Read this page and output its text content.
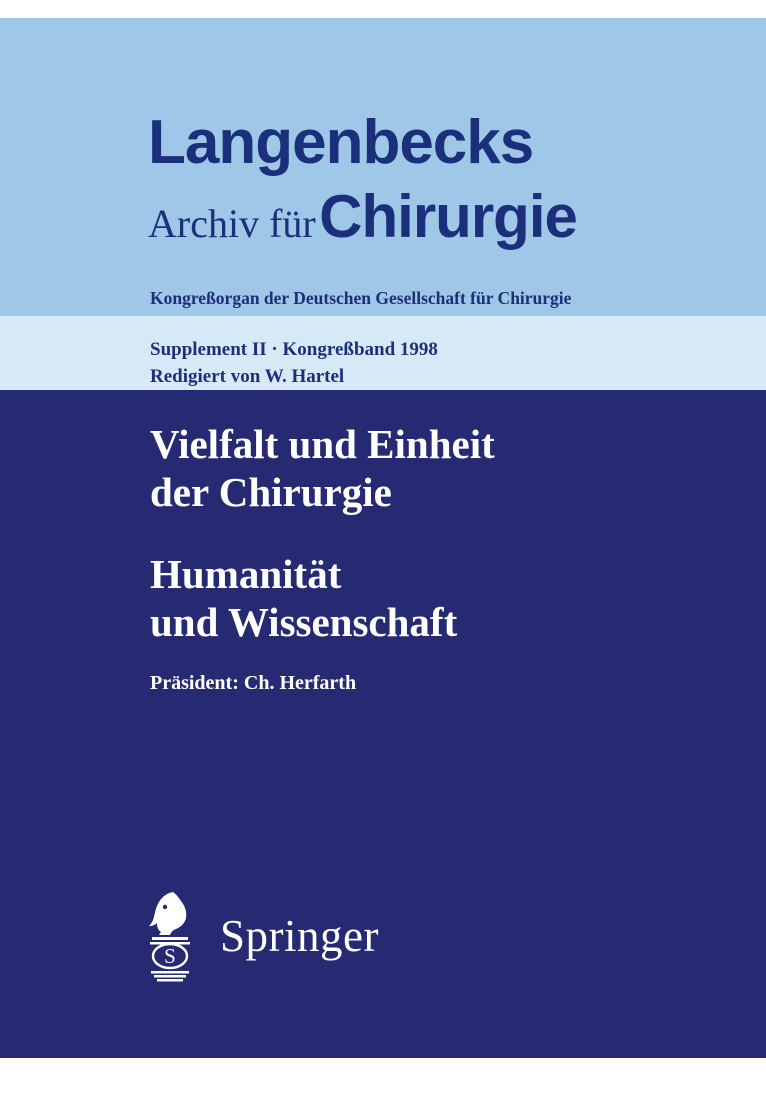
Langenbecks
Archiv für Chirurgie
Kongreßorgan der Deutschen Gesellschaft für Chirurgie
Supplement II · Kongreßband 1998
Redigiert von W. Hartel
Vielfalt und Einheit
der Chirurgie
Humanität
und Wissenschaft
Präsident: Ch. Herfarth
S Springer
